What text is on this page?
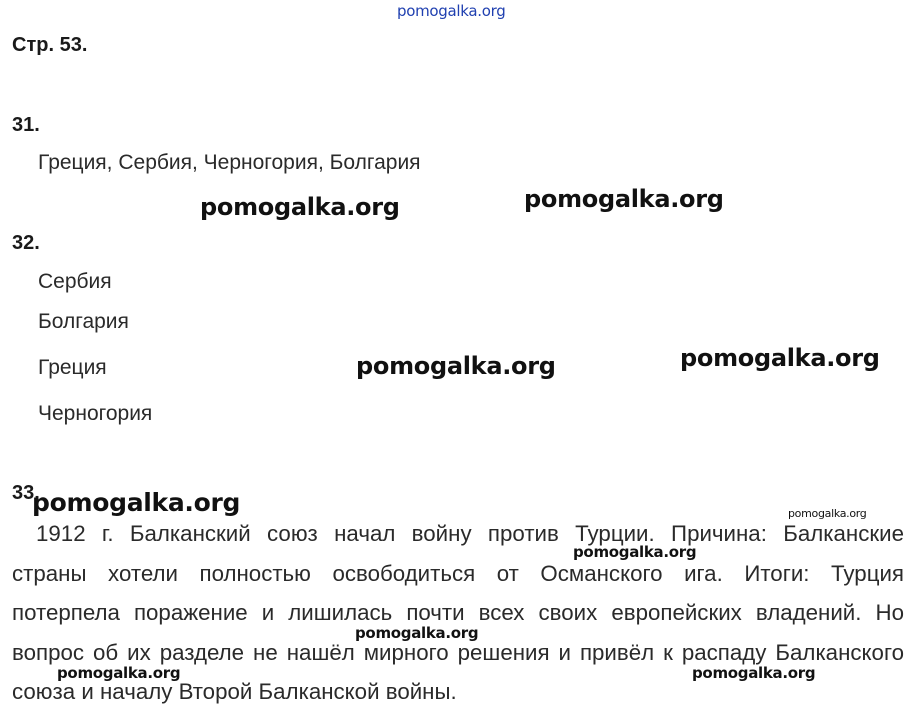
pomogalka.org
Стр. 53.
31.
Греция, Сербия, Черногория, Болгария
32.
Сербия
Болгария
Греция
Черногория
33.
1912 г. Балканский союз начал войну против Турции. Причина: Балканские
страны хотели полностью освободиться от Османского ига. Итоги: Турция
потерпела поражение и лишилась почти всех своих европейских владений. Но
вопрос об их разделе не нашёл мирного решения и привёл к распаду Балканского
союза и началу Второй Балканской войны.
pomogalka.org	pomogalka.org
pomogalka.org	pomogalka.org
pomogalka.org	pomogalka.org
pomogalka.org
pomogalka.org
pomogalka.org	pomogalka.org
